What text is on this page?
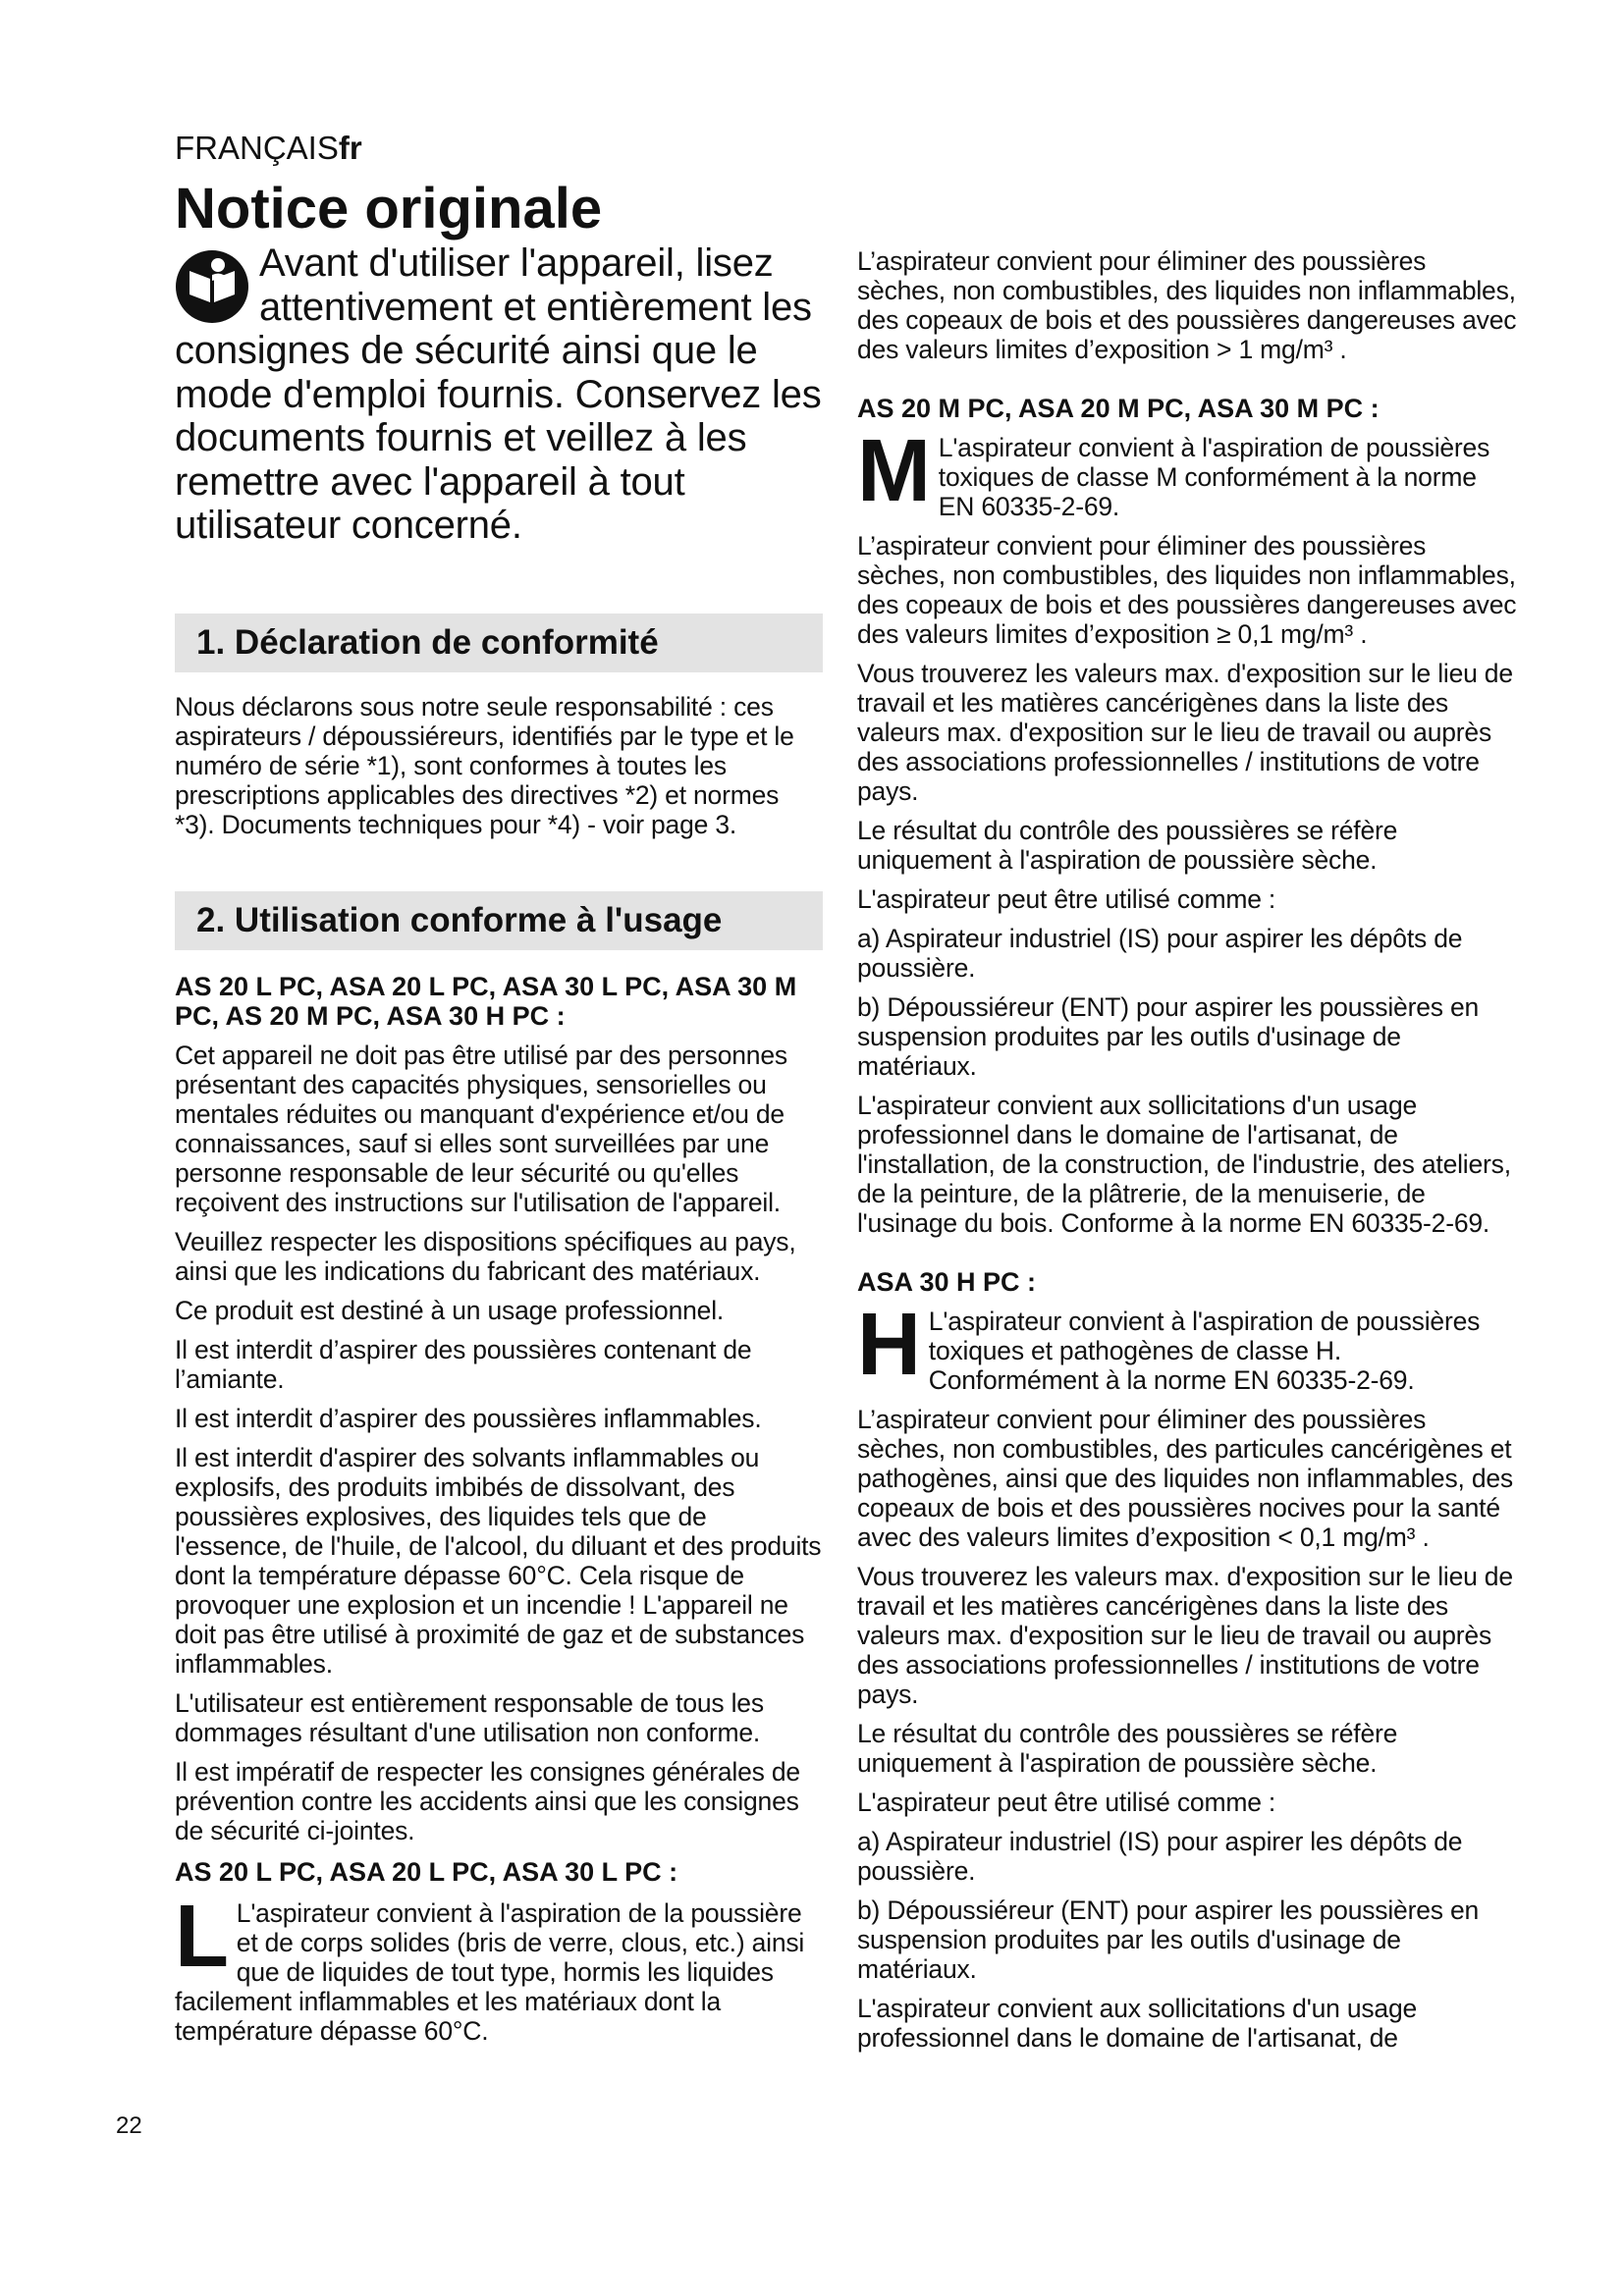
FRANÇAISfr
Notice originale
Avant d'utiliser l'appareil, lisez attentivement et entièrement les consignes de sécurité ainsi que le mode d'emploi fournis. Conservez les documents fournis et veillez à les remettre avec l'appareil à tout utilisateur concerné.
1. Déclaration de conformité

Nous déclarons sous notre seule responsabilité : ces aspirateurs / dépoussiéreurs, identifiés par le type et le numéro de série *1), sont conformes à toutes les prescriptions applicables des directives *2) et normes *3). Documents techniques pour *4) - voir page 3.

2. Utilisation conforme à l'usage

AS 20 L PC, ASA 20 L PC, ASA 30 L PC, ASA 30 M PC, AS 20 M PC, ASA 30 H PC :

Cet appareil ne doit pas être utilisé par des personnes présentant des capacités physiques, sensorielles ou mentales réduites ou manquant d'expérience et/ou de connaissances, sauf si elles sont surveillées par une personne responsable de leur sécurité ou qu'elles reçoivent des instructions sur l'utilisation de l'appareil.

Veuillez respecter les dispositions spécifiques au pays, ainsi que les indications du fabricant des matériaux.

Ce produit est destiné à un usage professionnel.

Il est interdit d’aspirer des poussières contenant de l’amiante.

Il est interdit d’aspirer des poussières inflammables.

Il est interdit d'aspirer des solvants inflammables ou explosifs, des produits imbibés de dissolvant, des poussières explosives, des liquides tels que de l'essence, de l'huile, de l'alcool, du diluant et des produits dont la température dépasse 60°C. Cela risque de provoquer une explosion et un incendie ! L'appareil ne doit pas être utilisé à proximité de gaz et de substances inflammables.

L'utilisateur est entièrement responsable de tous les dommages résultant d'une utilisation non conforme.

Il est impératif de respecter les consignes générales de prévention contre les accidents ainsi que les consignes de sécurité ci-jointes.

AS 20 L PC, ASA 20 L PC, ASA 30 L PC :

L L'aspirateur convient à l'aspiration de la poussière et de corps solides (bris de verre, clous, etc.) ainsi que de liquides de tout type, hormis les liquides facilement inflammables et les matériaux dont la température dépasse 60°C.

L’aspirateur convient pour éliminer des poussières sèches, non combustibles, des liquides non inflammables, des copeaux de bois et des poussières dangereuses avec des valeurs limites d’exposition > 1 mg/m³ .

AS 20 M PC, ASA 20 M PC, ASA 30 M PC :

M L'aspirateur convient à l'aspiration de poussières toxiques de classe M conformément à la norme EN 60335-2-69.

L’aspirateur convient pour éliminer des poussières sèches, non combustibles, des liquides non inflammables, des copeaux de bois et des poussières dangereuses avec des valeurs limites d’exposition ≥ 0,1 mg/m³ .

Vous trouverez les valeurs max. d'exposition sur le lieu de travail et les matières cancérigènes dans la liste des valeurs max. d'exposition sur le lieu de travail ou auprès des associations professionnelles / institutions de votre pays.

Le résultat du contrôle des poussières se réfère uniquement à l'aspiration de poussière sèche.

L'aspirateur peut être utilisé comme :

a) Aspirateur industriel (IS) pour aspirer les dépôts de poussière.

b) Dépoussiéreur (ENT) pour aspirer les poussières en suspension produites par les outils d'usinage de matériaux.

L'aspirateur convient aux sollicitations d'un usage professionnel dans le domaine de l'artisanat, de l'installation, de la construction, de l'industrie, des ateliers, de la peinture, de la plâtrerie, de la menuiserie, de l'usinage du bois. Conforme à la norme EN 60335-2-69.

ASA 30 H PC :

H L'aspirateur convient à l'aspiration de poussières toxiques et pathogènes de classe H. Conformément à la norme EN 60335-2-69.

L’aspirateur convient pour éliminer des poussières sèches, non combustibles, des particules cancérigènes et pathogènes, ainsi que des liquides non inflammables, des copeaux de bois et des poussières nocives pour la santé avec des valeurs limites d’exposition < 0,1 mg/m³ .

Vous trouverez les valeurs max. d'exposition sur le lieu de travail et les matières cancérigènes dans la liste des valeurs max. d'exposition sur le lieu de travail ou auprès des associations professionnelles / institutions de votre pays.

Le résultat du contrôle des poussières se réfère uniquement à l'aspiration de poussière sèche.

L'aspirateur peut être utilisé comme :

a) Aspirateur industriel (IS) pour aspirer les dépôts de poussière.

b) Dépoussiéreur (ENT) pour aspirer les poussières en suspension produites par les outils d'usinage de matériaux.

L'aspirateur convient aux sollicitations d'un usage professionnel dans le domaine de l'artisanat, de

22
